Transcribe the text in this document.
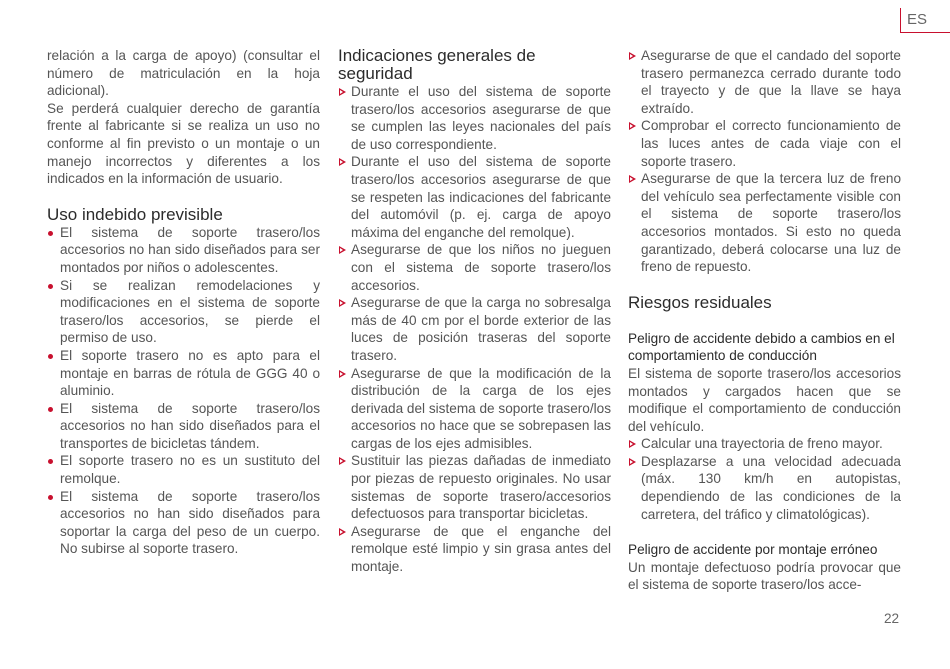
ES

relación a la carga de apoyo) (consultar el número de matriculación en la hoja adicional).

Se perderá cualquier derecho de garantía frente al fabricante si se realiza un uso no conforme al fin previsto o un montaje o un manejo incorrectos y diferentes a los indicados en la información de usuario.

Uso indebido previsible
El sistema de soporte trasero/los accesorios no han sido diseñados para ser montados por niños o adolescentes.
Si se realizan remodelaciones y modificaciones en el sistema de soporte trasero/los accesorios, se pierde el permiso de uso.
El soporte trasero no es apto para el montaje en barras de rótula de GGG 40 o aluminio.
El sistema de soporte trasero/los accesorios no han sido diseñados para el transportes de bicicletas tándem.
El soporte trasero no es un sustituto del remolque.
El sistema de soporte trasero/los accesorios no han sido diseñados para soportar la carga del peso de un cuerpo. No subirse al soporte trasero.
Indicaciones generales de seguridad
Durante el uso del sistema de soporte trasero/los accesorios asegurarse de que se cumplen las leyes nacionales del país de uso correspondiente.
Durante el uso del sistema de soporte trasero/los accesorios asegurarse de que se respeten las indicaciones del fabricante del automóvil (p. ej. carga de apoyo máxima del enganche del remolque).
Asegurarse de que los niños no jueguen con el sistema de soporte trasero/los accesorios.
Asegurarse de que la carga no sobresalga más de 40 cm por el borde exterior de las luces de posición traseras del soporte trasero.
Asegurarse de que la modificación de la distribución de la carga de los ejes derivada del sistema de soporte trasero/los accesorios no hace que se sobrepasen las cargas de los ejes admisibles.
Sustituir las piezas dañadas de inmediato por piezas de repuesto originales. No usar sistemas de soporte trasero/accesorios defectuosos para transportar bicicletas.
Asegurarse de que el enganche del remolque esté limpio y sin grasa antes del montaje.
Asegurarse de que el candado del soporte trasero permanezca cerrado durante todo el trayecto y de que la llave se haya extraído.
Comprobar el correcto funcionamiento de las luces antes de cada viaje con el soporte trasero.
Asegurarse de que la tercera luz de freno del vehículo sea perfectamente visible con el sistema de soporte trasero/los accesorios montados. Si esto no queda garantizado, deberá colocarse una luz de freno de repuesto.
Riesgos residuales
Peligro de accidente debido a cambios en el comportamiento de conducción

El sistema de soporte trasero/los accesorios montados y cargados hacen que se modifique el comportamiento de conducción del vehículo.

Calcular una trayectoria de freno mayor.
Desplazarse a una velocidad adecuada (máx. 130 km/h en autopistas, dependiendo de las condiciones de la carretera, del tráfico y climatológicas).
Peligro de accidente por montaje erróneo

Un montaje defectuoso podría provocar que el sistema de soporte trasero/los acce-

22
